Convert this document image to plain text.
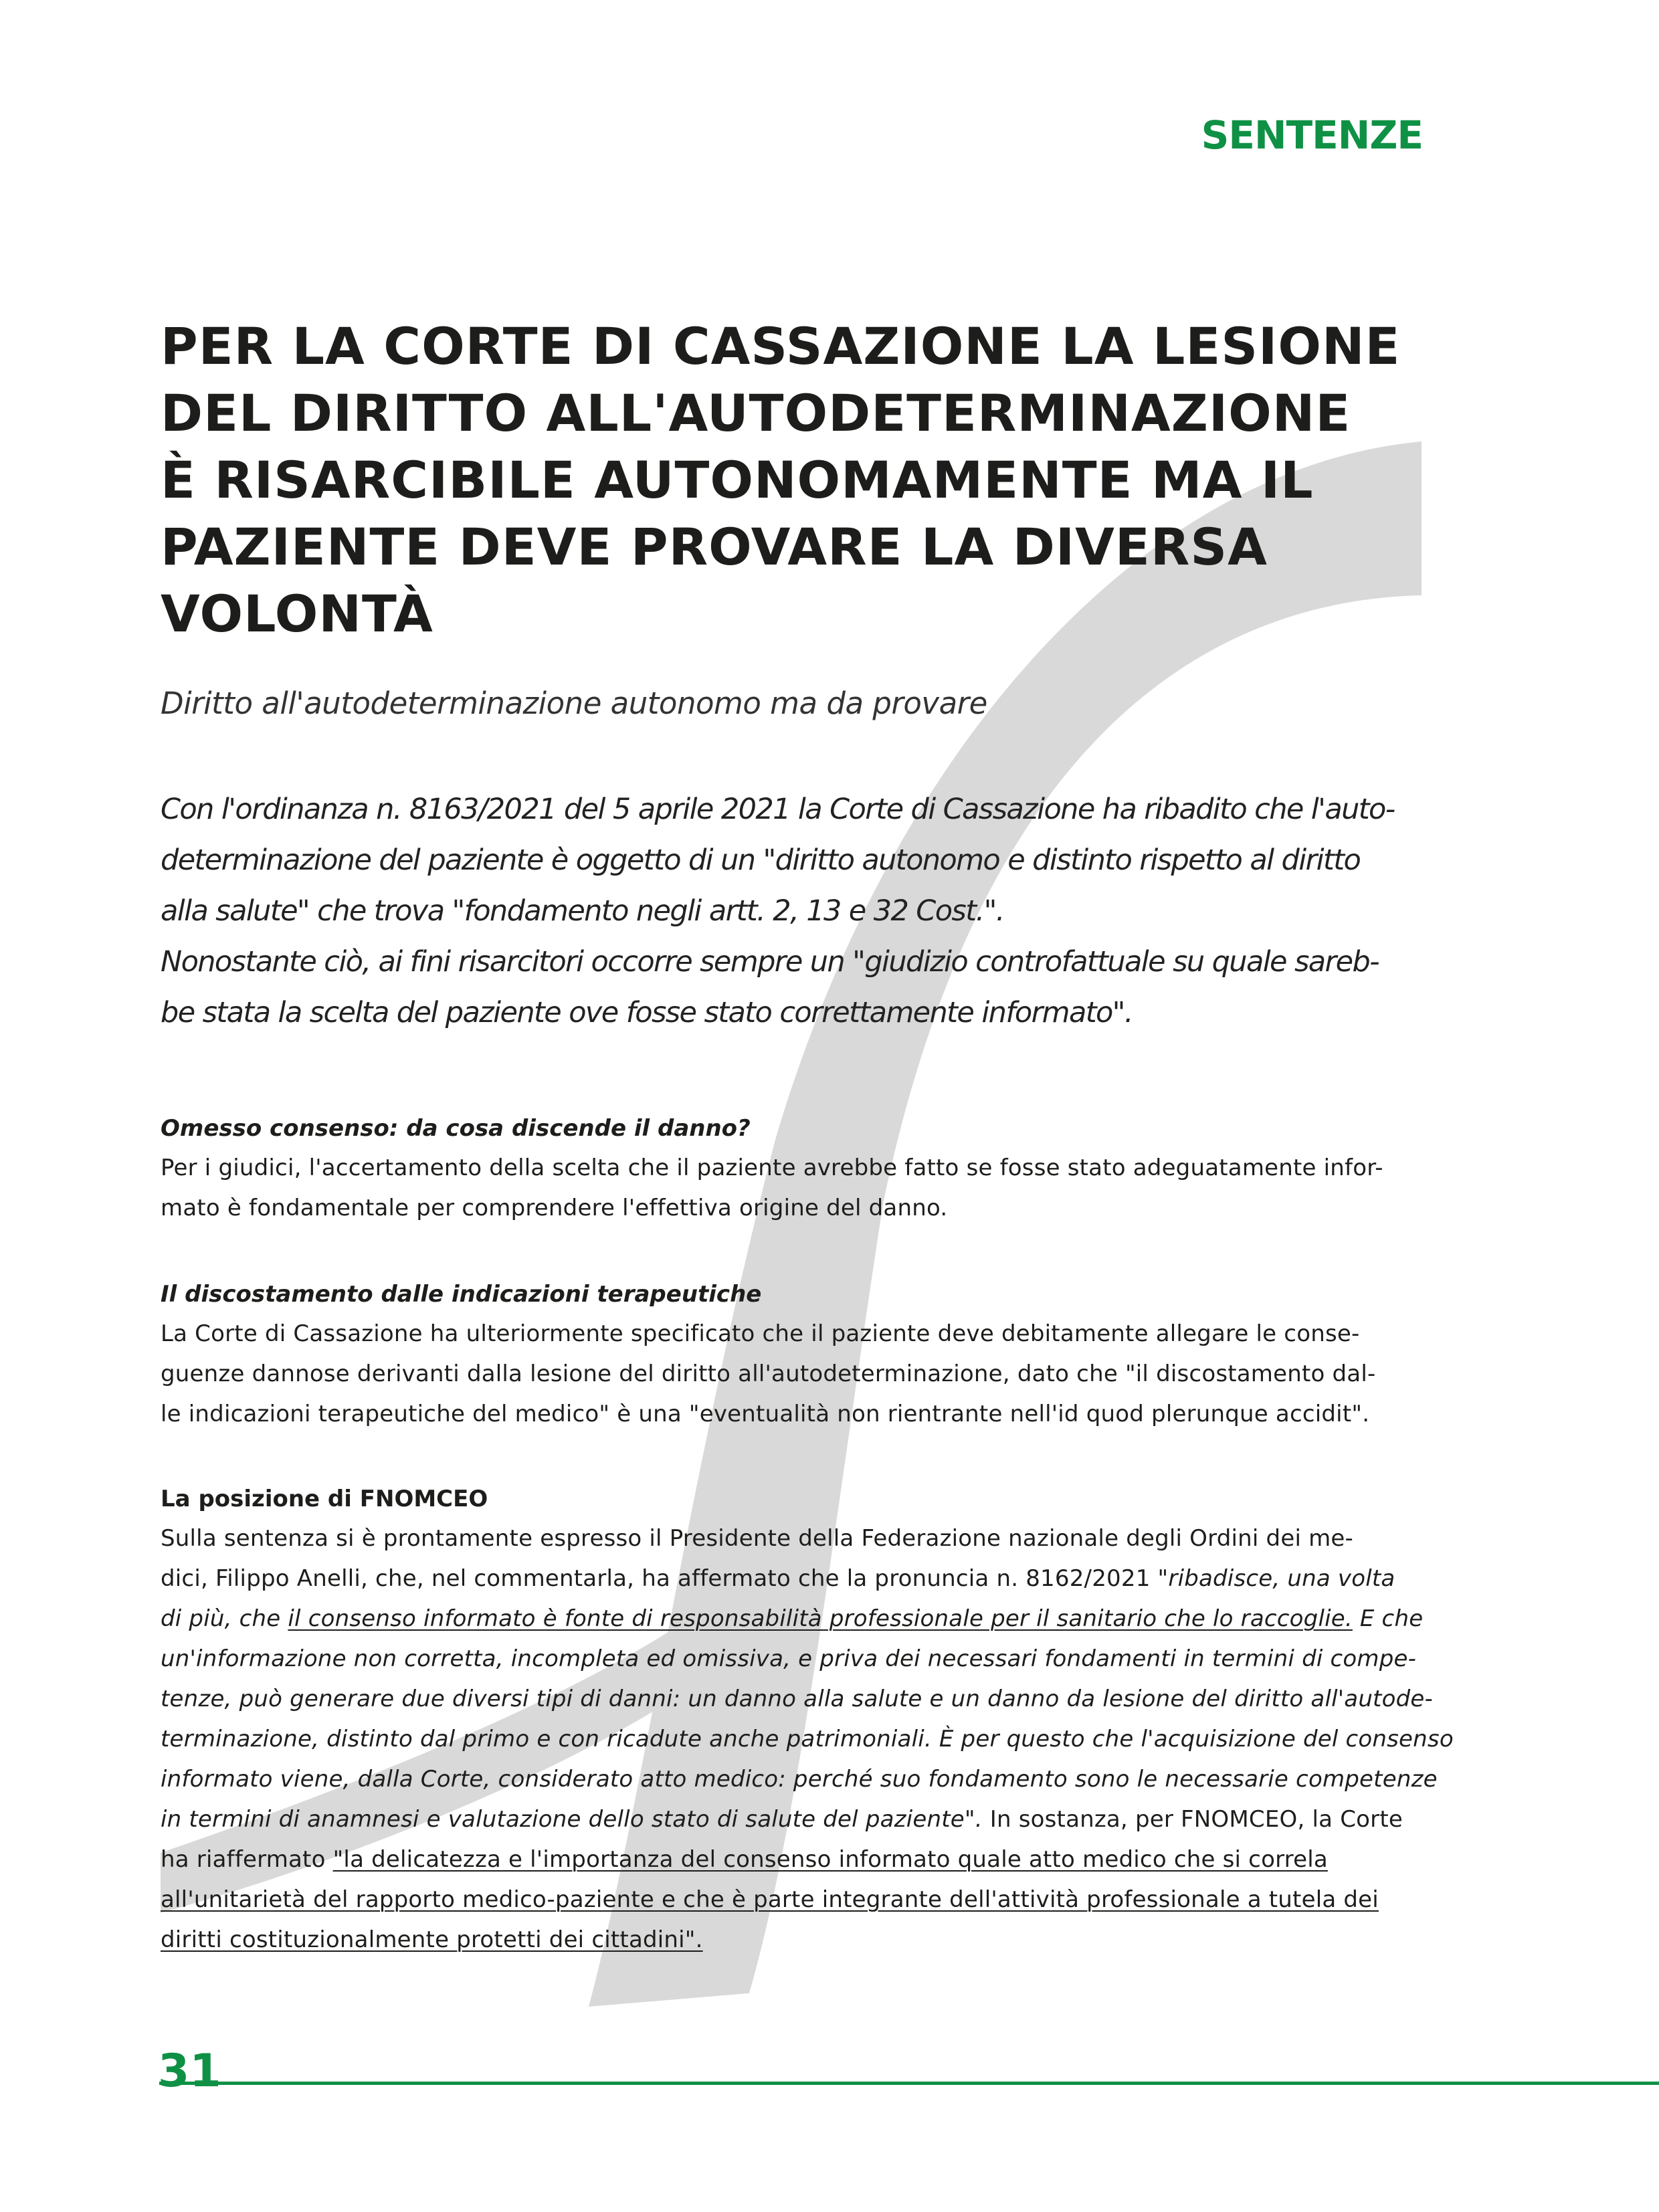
SENTENZE
PER LA CORTE DI CASSAZIONE LA LESIONE
DEL DIRITTO ALL'AUTODETERMINAZIONE
È RISARCIBILE AUTONOMAMENTE MA IL
PAZIENTE DEVE PROVARE LA DIVERSA
VOLONTÀ
Diritto all'autodeterminazione autonomo ma da provare
Con l'ordinanza n. 8163/2021 del 5 aprile 2021 la Corte di Cassazione ha ribadito che l'auto-
determinazione del paziente è oggetto di un "diritto autonomo e distinto rispetto al diritto
alla salute" che trova "fondamento negli artt. 2, 13 e 32 Cost.".
Nonostante ciò, ai fini risarcitori occorre sempre un "giudizio controfattuale su quale sareb-
be stata la scelta del paziente ove fosse stato correttamente informato".
Omesso consenso: da cosa discende il danno?
Per i giudici, l'accertamento della scelta che il paziente avrebbe fatto se fosse stato adeguatamente infor-
mato è fondamentale per comprendere l'effettiva origine del danno.
Il discostamento dalle indicazioni terapeutiche
La Corte di Cassazione ha ulteriormente specificato che il paziente deve debitamente allegare le conse-
guenze dannose derivanti dalla lesione del diritto all'autodeterminazione, dato che "il discostamento dal-
le indicazioni terapeutiche del medico" è una "eventualità non rientrante nell'id quod plerunque accidit".
La posizione di FNOMCEO
Sulla sentenza si è prontamente espresso il Presidente della Federazione nazionale degli Ordini dei me-
dici, Filippo Anelli, che, nel commentarla, ha affermato che la pronuncia n. 8162/2021 "ribadisce, una volta
di più, che il consenso informato è fonte di responsabilità professionale per il sanitario che lo raccoglie. E che
un'informazione non corretta, incompleta ed omissiva, e priva dei necessari fondamenti in termini di compe-
tenze, può generare due diversi tipi di danni: un danno alla salute e un danno da lesione del diritto all'autode-
terminazione, distinto dal primo e con ricadute anche patrimoniali. È per questo che l'acquisizione del consenso
informato viene, dalla Corte, considerato atto medico: perché suo fondamento sono le necessarie competenze
in termini di anamnesi e valutazione dello stato di salute del paziente". In sostanza, per FNOMCEO, la Corte
ha riaffermato "la delicatezza e l'importanza del consenso informato quale atto medico che si correla
all'unitarietà del rapporto medico-paziente e che è parte integrante dell'attività professionale a tutela dei
diritti costituzionalmente protetti dei cittadini".
31
